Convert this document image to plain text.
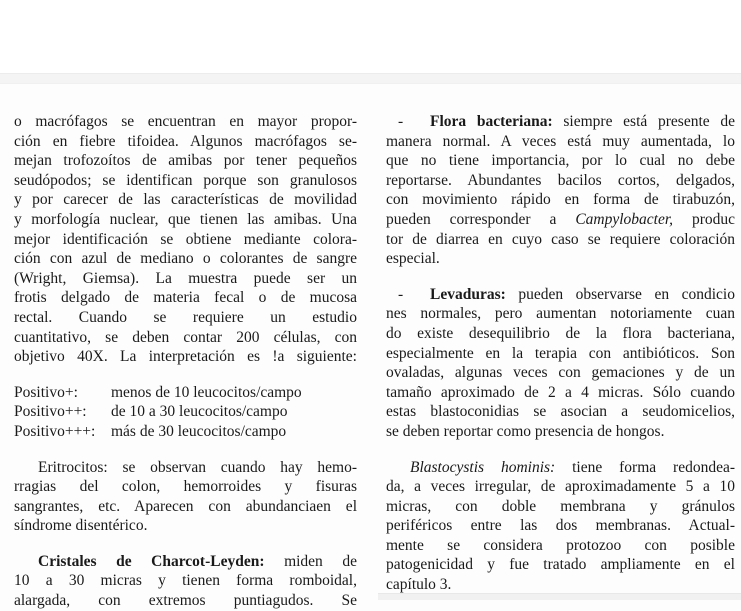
o macrófagos se encuentran en mayor propor-
ción en fiebre tifoidea. Algunos macrófagos se-
mejan trofozoítos de amibas por tener pequeños
seudópodos; se identifican porque son granulosos
y por carecer de las características de movilidad
y morfología nuclear, que tienen las amibas. Una
mejor identificación se obtiene mediante colora-
ción con azul de mediano o colorantes de sangre
(Wright, Giemsa). La muestra puede ser un
frotis delgado de materia fecal o de mucosa
rectal. Cuando se requiere un estudio
cuantitativo, se deben contar 200 células, con
objetivo 40X. La interpretación es !a siguiente:
Positivo+: menos de 10 leucocitos/campo
Positivo++: de 10 a 30 leucocitos/campo
Positivo+++: más de 30 leucocitos/campo
Eritrocitos: se observan cuando hay hemo-
rragias del colon, hemorroides y fisuras
sangrantes, etc. Aparecen con abundanciaen el
síndrome disentérico.
Cristales de Charcot-Leyden: miden de
10 a 30 micras y tienen forma romboidal,
alargada, con extremos puntiagudos. Se
- Flora bacteriana: siempre está presente de
manera normal. A veces está muy aumentada, lo
que no tiene importancia, por lo cual no debe
reportarse. Abundantes bacilos cortos, delgados,
con movimiento rápido en forma de tirabuzón,
pueden corresponder a Campylobacter, produc
tor de diarrea en cuyo caso se requiere coloración
especial.
- Levaduras: pueden observarse en condicio
nes normales, pero aumentan notoriamente cuan
do existe desequilibrio de la flora bacteriana,
especialmente en la terapia con antibióticos. Son
ovaladas, algunas veces con gemaciones y de un
tamaño aproximado de 2 a 4 micras. Sólo cuando
estas blastoconidias se asocian a seudomicelios,
se deben reportar como presencia de hongos.
Blastocystis hominis: tiene forma redondea-
da, a veces irregular, de aproximadamente 5 a 10
micras, con doble membrana y gránulos
periféricos entre las dos membranas. Actual-
mente se considera protozoo con posible
patogenicidad y fue tratado ampliamente en el
capítulo 3.
